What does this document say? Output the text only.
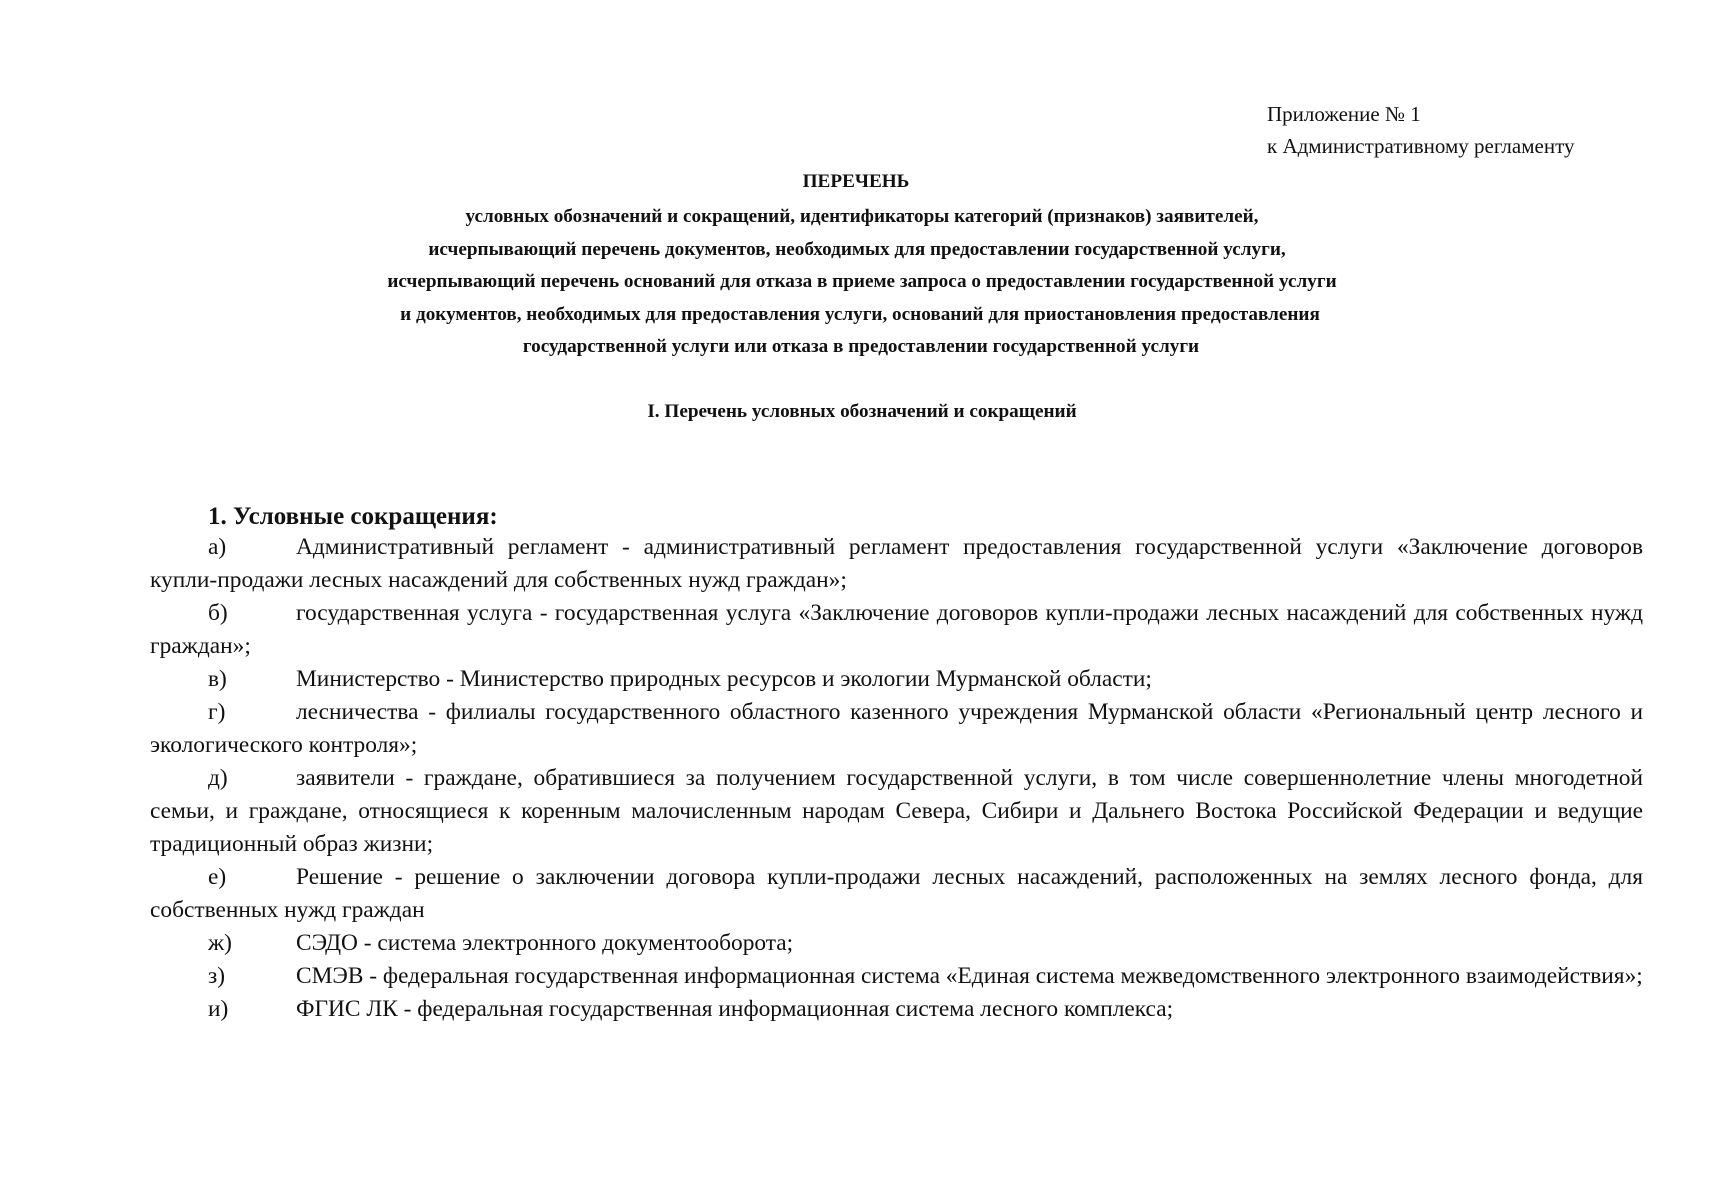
Приложение № 1
к Административному регламенту
ПЕРЕЧЕНЬ
условных обозначений и сокращений, идентификаторы категорий (признаков) заявителей,
исчерпывающий перечень документов, необходимых для предоставлении государственной услуги,
исчерпывающий перечень оснований для отказа в приеме запроса о предоставлении государственной услуги
и документов, необходимых для предоставления услуги, оснований для приостановления предоставления
государственной услуги или отказа в предоставлении государственной услуги
I. Перечень условных обозначений и сокращений
1. Условные сокращения:
а)	Административный регламент - административный регламент предоставления государственной услуги «Заключение договоров купли-продажи лесных насаждений для собственных нужд граждан»;
б)	государственная услуга - государственная услуга «Заключение договоров купли-продажи лесных насаждений для собственных нужд граждан»;
в)	Министерство - Министерство природных ресурсов и экологии Мурманской области;
г)	лесничества - филиалы государственного областного казенного учреждения Мурманской области «Региональный центр лесного и экологического контроля»;
д)	заявители - граждане, обратившиеся за получением государственной услуги, в том числе совершеннолетние члены многодетной семьи, и граждане, относящиеся к коренным малочисленным народам Севера, Сибири и Дальнего Востока Российской Федерации и ведущие традиционный образ жизни;
е)	Решение - решение о заключении договора купли-продажи лесных насаждений, расположенных на землях лесного фонда, для собственных нужд граждан
ж)	СЭДО - система электронного документооборота;
з)	СМЭВ - федеральная государственная информационная система «Единая система межведомственного электронного взаимодействия»;
и)	ФГИС ЛК - федеральная государственная информационная система лесного комплекса;
